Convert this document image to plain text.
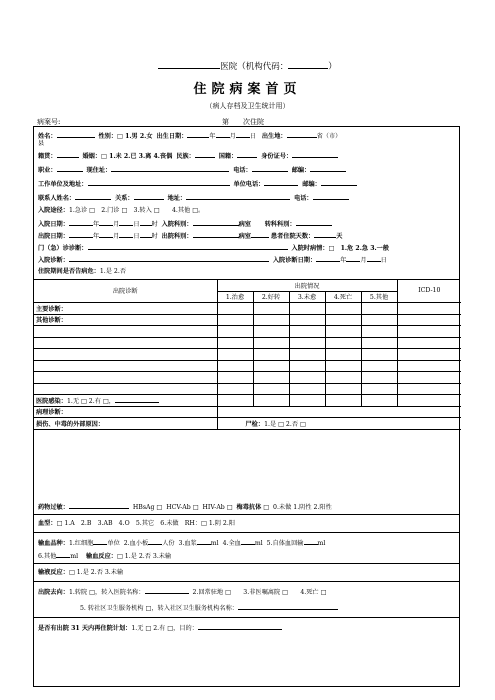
医院（机构代码：	）
住院病案首页
（病人存档及卫生统计用）
病案号:	第　　次住院
姓名：	性别：□ 1.男 2.女 出生日期：	年 月 日 出生地：	省（市）
县
籍贯：	婚姻：□ 1.未 2.已 3.离 4.丧偶 民族：	国籍：	身份证号：
职业：	现住址：	电话：	邮编：
工作单位及地址：	单位电话：	邮编：
联系人姓名：	关系：	地址：	电话：
入院途径：1.急诊 □　2.门诊 □　3.转入 □　　4.其他 □。
入院日期：	年 月 日 时 入院科别：	病室 转科科别：
出院日期：	年 月 日 时 出院科别：	病室	患者住院天数：	天
门（急）诊诊断：	入院时病情：□　1.危 2.急 3.一般
入院诊断：	入院诊断日期：	年 月 日
住院期间是否告病危：1.是 2.否
出院诊断	出院情况					ICD-10
	1.治愈	2.好转	3.未愈	4.死亡	5.其他	
主要诊断：						
其他诊断：						

医院感染：1.无 □ 2.有 □，						
病理诊断：						
损伤、中毒的外部原因：	尸检：1.是 □ 2.否 □					
药物过敏：	HBsAg □  HCV-Ab □  HIV-Ab □  梅毒抗体 □  0.未做 1.阴性 2.阳性
血型：□ 1.A　2.B　3.AB　4.O　5.其它　6.未做　RH：□ 1.阴 2.阳
输血品种：1.红细胞 单位 2.血小板 人份 3.血浆 ml 4.全血 ml 5.自体血回输 ml
6.其他 ml 输血反应：□ 1.是 2.否 3.未输
输液反应：□ 1.是 2.否 3.未输
出院去向：1.转院 □，转入医院名称：	2.回常驻地 □　　3.非医嘱离院 □　　4.死亡 □
5. 转社区卫生服务机构 □，转入社区卫生服务机构名称：
是否有出院 31 天内再住院计划：1.无 □ 2.有 □，目的：
